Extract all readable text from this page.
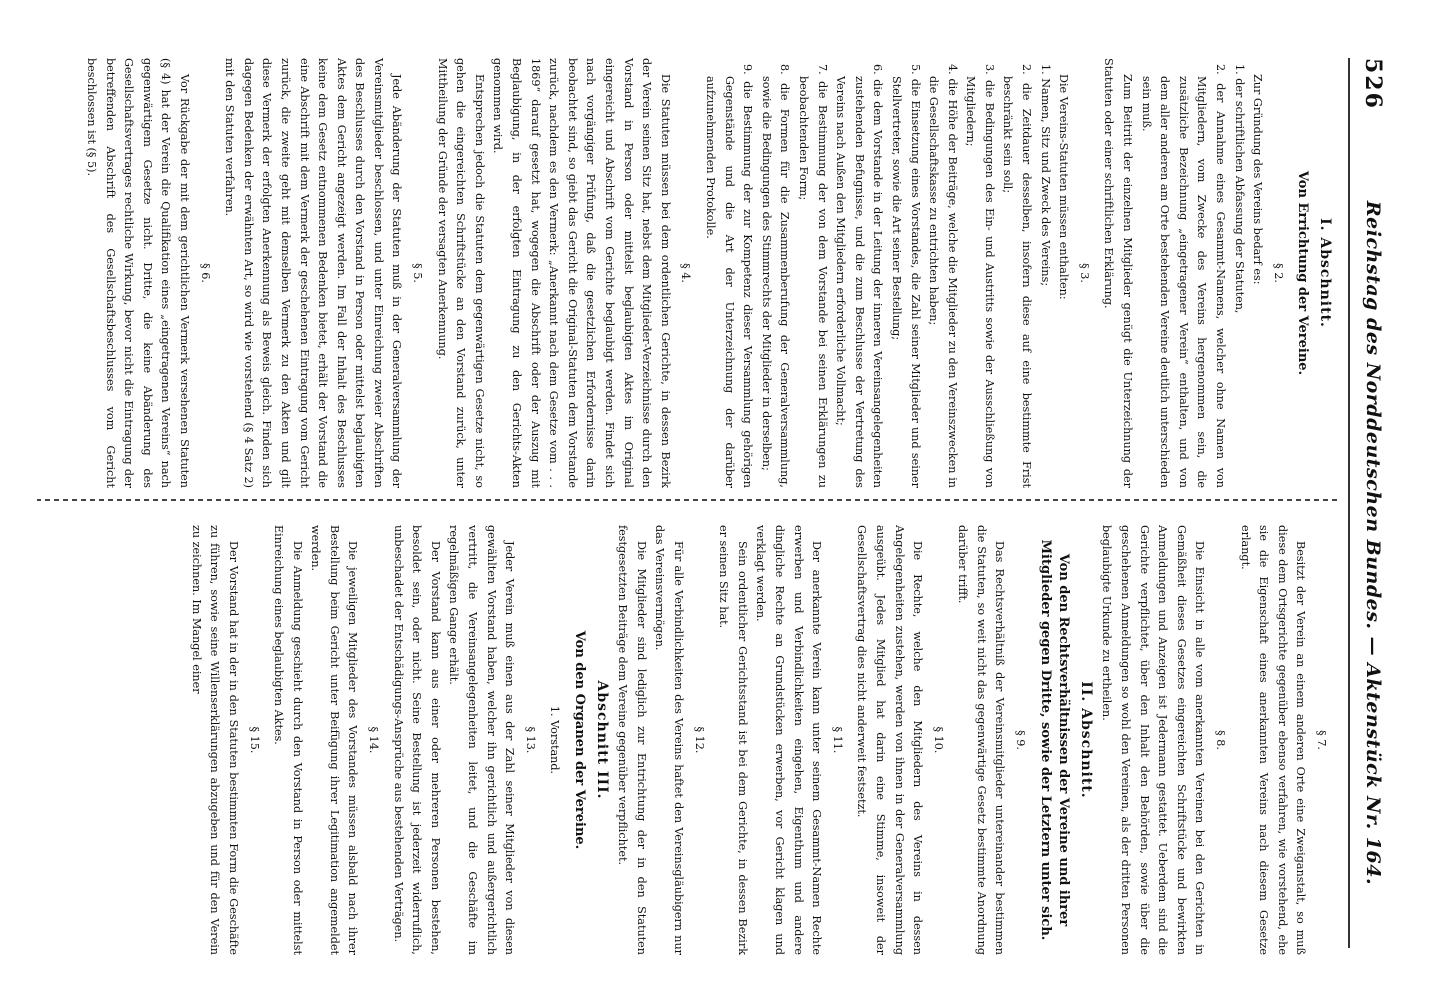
526
Reichstag des Norddeutschen Bundes. — Aktenstück Nr. 164.
I. Abschnitt.
Von Errichtung der Vereine.
§ 2.

Zur Gründung des Vereins bedarf es:

1. der schriftlichen Abfassung der Statuten,

2. der Annahme eines Gesammt-Namens, welcher ohne Namen von Mitgliedern, vom Zwecke des Vereins hergenommen sein, die zusätzliche Bezeichnung „eingetragener Verein“ enthalten, und von dem aller anderen am Orte bestehenden Vereine deutlich unterschieden sein muß.

Zum Beitritt der einzelnen Mitglieder genügt die Unterzeichnung der Statuten oder einer schriftlichen Erklärung.

§ 3.

Die Vereins-Statuten müssen enthalten:

1. Namen, Sitz und Zweck des Vereins;

2. die Zeitdauer desselben, insofern diese auf eine bestimmte Frist beschränkt sein soll;

3. die Bedingungen des Ein- und Austritts sowie der Ausschließung von Mitgliedern;

4. die Höhe der Beiträge, welche die Mitglieder zu den Vereinszwecken in die Gesellschaftskasse zu entrichten haben;

5. die Einsetzung eines Vorstandes, die Zahl seiner Mitglieder und seiner Stellvertreter, sowie die Art seiner Bestellung;

6. die dem Vorstande in der Leitung der inneren Vereinsangelegenheiten zustehenden Befugnisse, und die zum Beschlusse der Vertretung des Vereins nach Außen den Mitgliedern erforderliche Vollmacht;

7. die Bestimmung der von dem Vorstande bei seinen Erklärungen zu beobachtenden Form;

8. die Formen für die Zusammenberufung der Generalversammlung, sowie die Bedingungen des Stimmrechts der Mitglieder in derselben;

9. die Bestimmung der zur Kompetenz dieser Versammlung gehörigen Gegenstände und die Art der Unterzeichnung der darüber aufzunehmenden Protokolle.

§ 4.

Die Statuten müssen bei dem ordentlichen Gerichte, in dessen Bezirk der Verein seinen Sitz hat, nebst dem Mitglieder-Verzeichnisse durch den Vorstand in Person oder mittelst beglaubigten Aktes im Original eingereicht und Abschrift vom Gerichte beglaubigt werden. Findet sich nach vorgängiger Prüfung, daß die gesetzlichen Erfordernisse darin beobachtet sind, so giebt das Gericht die Original-Statuten dem Vorstande zurück, nachdem es den Vermerk: „Anerkannt nach dem Gesetze vom . . . 1869“ darauf gesetzt hat, wogegen die Abschrift oder der Auszug mit Beglaubigung, in der erfolgten Eintragung zu den Gerichts-Akten genommen wird.

Entsprechen jedoch die Statuten dem gegenwärtigen Gesetze nicht, so gehen die eingereichten Schriftstücke an den Vorstand zurück, unter Mittheilung der Gründe der versagten Anerkennung.

§ 5.

Jede Abänderung der Statuten muß in der Generalversammlung der Vereinsmitglieder beschlossen, und unter Einreichung zweier Abschriften des Beschlusses durch den Vorstand in Person oder mittelst beglaubigten Aktes dem Gericht angezeigt werden. Im Fall der Inhalt des Beschlusses keine dem Gesetz entnommenen Bedenken bietet, erhält der Vorstand die eine Abschrift mit dem Vermerk der geschehenen Eintragung vom Gericht zurück, die zweite geht mit demselben Vermerk zu den Akten und gilt diese Vermerk der erfolgten Anerkennung als Beweis gleich. Finden sich dagegen Bedenken der erwähnten Art, so wird wie vorstehend (§ 4 Satz 2) mit den Statuten verfahren.

§ 6.

Vor Rückgabe der mit dem gerichtlichen Vermerk versehenen Statuten (§ 4) hat der Verein die Qualifikation eines „eingetragenen Vereins“ nach gegenwärtigem Gesetze nicht. Dritte, die keine Abänderung des Gesellschaftsvertrages rechtliche Wirkung, bevor nicht die Eintragung der betreffenden Abschrift des Gesellschaftsbeschlusses vom Gericht beschlossen ist (§ 5).

§ 7.

Besitzt der Verein an einem anderen Orte eine Zweiganstalt, so muß diese dem Ortsgerichte gegenüber ebenso verfahren, wie vorstehend, ehe sie die Eigenschaft eines anerkannten Vereins nach diesem Gesetze erlangt.

§ 8.

Die Einsicht in alle vom anerkannten Vereinen bei den Gerichten in Gemäßheit dieses Gesetzes eingereichten Schriftstücke und bewirkten Anmeldungen und Anzeigen ist Jedermann gestattet. Ueberdem sind die Gerichte verpflichtet, über den Inhalt den Behörden, sowie über die geschehenen Anmeldungen so wohl den Vereinen, als der dritten Personen beglaubigte Urkunde zu ertheilen.

II. Abschnitt.
Von den Rechtsverhältnissen der Vereine und ihrer Mitglieder gegen Dritte, sowie der Letztern unter sich.
§ 9.

Das Rechtsverhältniß der Vereinsmitglieder untereinander bestimmen die Statuten, so weit nicht das gegenwärtige Gesetz bestimmte Anordnung darüber trifft.

§ 10.

Die Rechte, welche den Mitgliedern des Vereins in dessen Angelegenheiten zustehen, werden von ihnen in der Generalversammlung ausgeübt. Jedes Mitglied hat darin eine Stimme, insoweit der Gesellschaftsvertrag dies nicht anderweit festsetzt.

§ 11.

Der anerkannte Verein kann unter seinem Gesammt-Namen Rechte erwerben und Verbindlichkeiten eingehen, Eigenthum und andere dingliche Rechte an Grundstücken erwerben, vor Gericht klagen und verklagt werden.

Sein ordentlicher Gerichtsstand ist bei dem Gerichte, in dessen Bezirk er seinen Sitz hat.

§ 12.

Für alle Verbindlichkeiten des Vereins haftet den Vereinsgläubigern nur das Vereinsvermögen.

Die Mitglieder sind lediglich zur Entrichtung der in den Statuten festgesetzten Beiträge dem Vereine gegenüber verpflichtet.

Abschnitt III.
Von den Organen der Vereine.
1. Vorstand.
§ 13.

Jeder Verein muß einen aus der Zahl seiner Mitglieder von diesen gewählten Vorstand haben, welcher ihn gerichtlich und außergerichtlich vertritt, die Vereinsangelegenheiten leitet, und die Geschäfte im regelmäßigen Gange erhält.

Der Vorstand kann aus einer oder mehreren Personen bestehen, besoldet sein, oder nicht. Seine Bestellung ist jederzeit widerruflich, unbeschadet der Entschädigungs-Ansprüche aus bestehenden Verträgen.

§ 14.

Die jeweiligen Mitglieder des Vorstandes müssen alsbald nach ihrer Bestellung beim Gericht unter Beifügung ihrer Legitimation angemeldet werden.

Die Anmeldung geschieht durch den Vorstand in Person oder mittelst Einreichung eines beglaubigten Aktes.

§ 15.

Der Vorstand hat in der in den Statuten bestimmten Form die Geschäfte zu führen, sowie seine Willenserklärungen abzugeben und für den Verein zu zeichnen. Im Mangel einer
